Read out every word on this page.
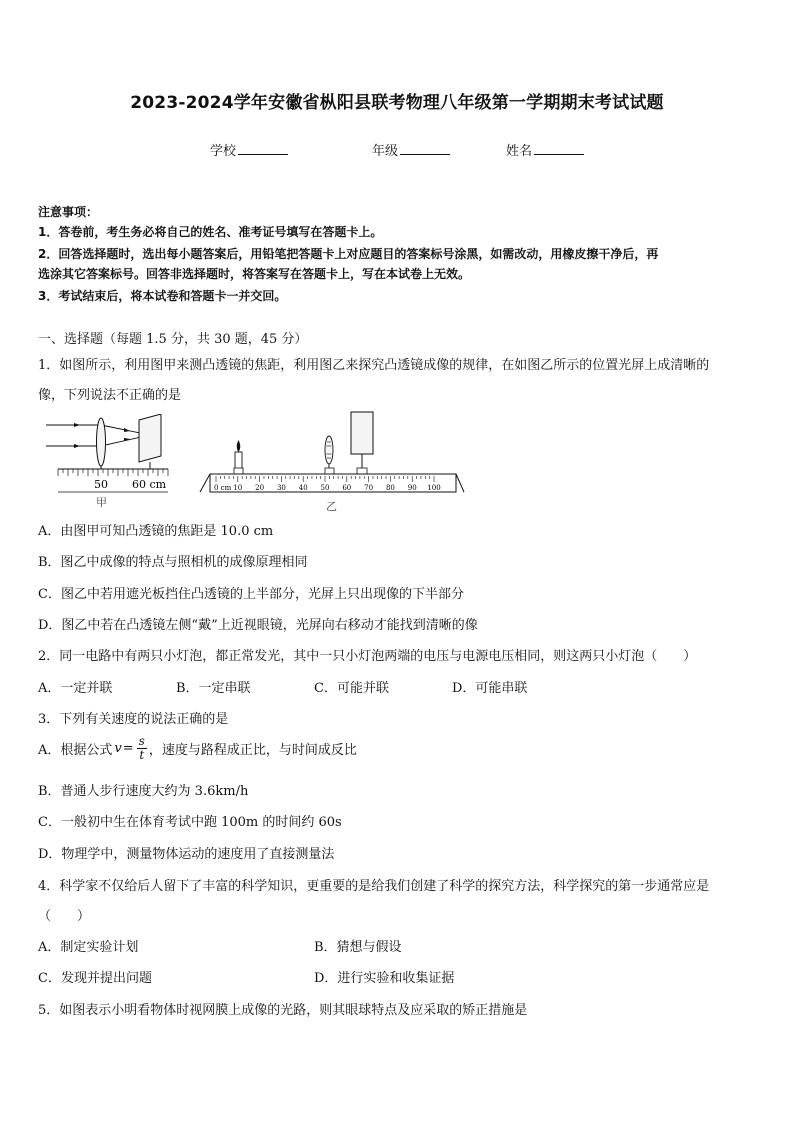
2023-2024学年安徽省枞阳县联考物理八年级第一学期期末考试试题
学校	年级	姓名
注意事项：
1．答卷前，考生务必将自己的姓名、准考证号填写在答题卡上。
2．回答选择题时，选出每小题答案后，用铅笔把答题卡上对应题目的答案标号涂黑，如需改动，用橡皮擦干净后，再
选涂其它答案标号。回答非选择题时，将答案写在答题卡上，写在本试卷上无效。
3．考试结束后，将本试卷和答题卡一并交回。
一、选择题（每题 1.5 分，共 30 题，45 分）
1．如图所示，利用图甲来测凸透镜的焦距，利用图乙来探究凸透镜成像的规律，在如图乙所示的位置光屏上成清晰的
像，下列说法不正确的是
50 60 cm
甲
0 cm 10 20 30 40 50 60 70 80 90 100
乙
A．由图甲可知凸透镜的焦距是 10.0 cm
B．图乙中成像的特点与照相机的成像原理相同
C．图乙中若用遮光板挡住凸透镜的上半部分，光屏上只出现像的下半部分
D．图乙中若在凸透镜左侧“戴”上近视眼镜，光屏向右移动才能找到清晰的像
2．同一电路中有两只小灯泡，都正常发光，其中一只小灯泡两端的电压与电源电压相同，则这两只小灯泡（　　）
A．一定并联	B．一定串联	C．可能并联	D．可能串联
3．下列有关速度的说法正确的是
A．根据公式 $v = \frac{s}{t}$ ，速度与路程成正比，与时间成反比
B．普通人步行速度大约为 3.6km/h
C．一般初中生在体育考试中跑 100m 的时间约 60s
D．物理学中，测量物体运动的速度用了直接测量法
4．科学家不仅给后人留下了丰富的科学知识，更重要的是给我们创建了科学的探究方法，科学探究的第一步通常应是
（　　）
A．制定实验计划	B．猜想与假设
C．发现并提出问题	D．进行实验和收集证据
5．如图表示小明看物体时视网膜上成像的光路，则其眼球特点及应采取的矫正措施是
